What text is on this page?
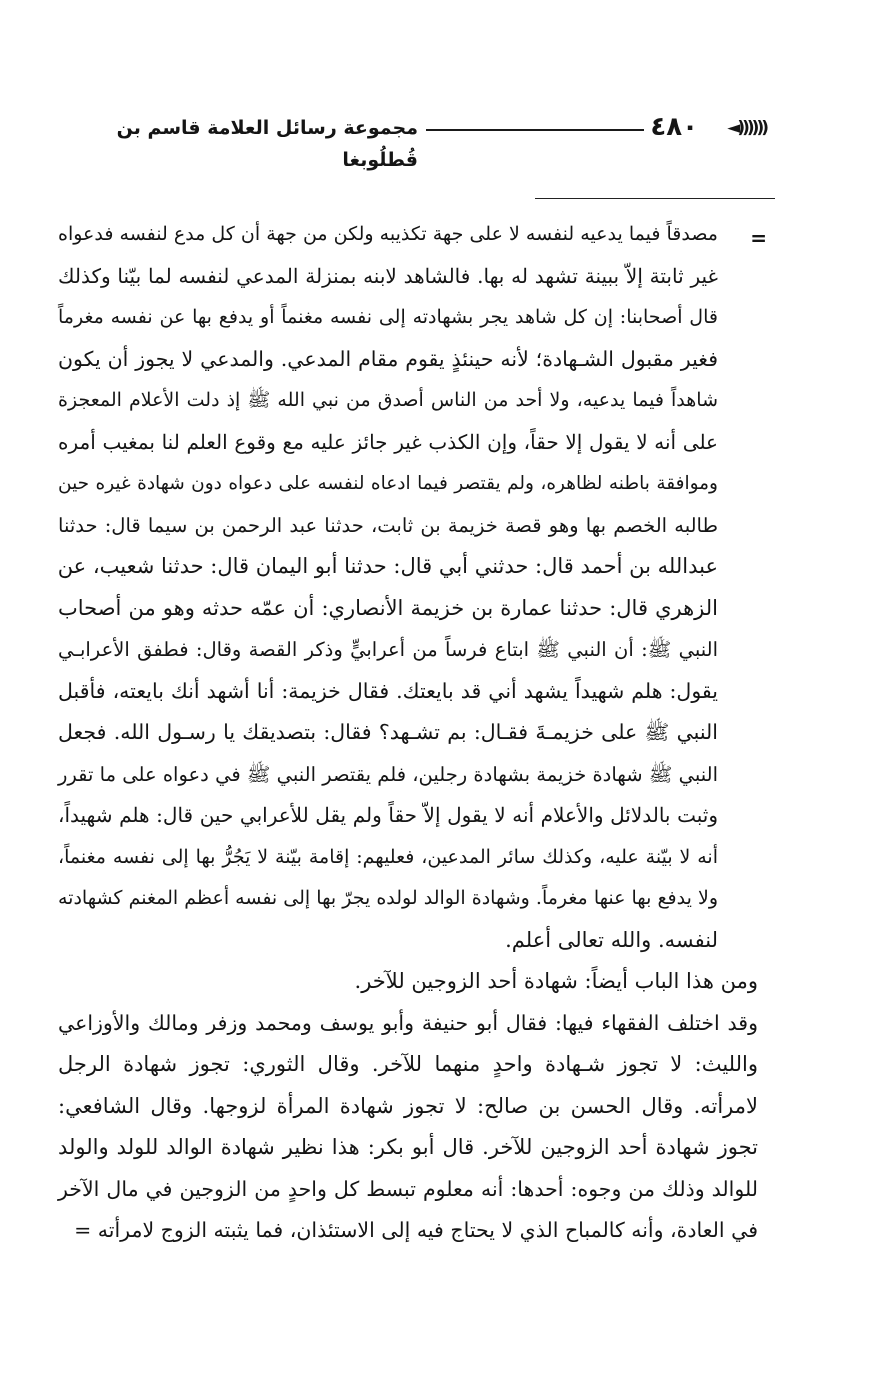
◄))))))
٤٨٠
مجموعة رسائل العلامة قاسم بن قُطلُوبغا
=

مصدقاً فيما يدعيه لنفسه لا على جهة تكذيبه ولكن من جهة أن كل مدع لنفسه فدعواه
غير ثابتة إلاّ ببينة تشهد له بها. فالشاهد لابنه بمنزلة المدعي لنفسه لما بيّنا وكذلك
قال أصحابنا: إن كل شاهد يجر بشهادته إلى نفسه مغنماً أو يدفع بها عن نفسه مغرماً
فغير مقبول الشـهادة؛ لأنه حينئذٍ يقوم مقام المدعي. والمدعي لا يجوز أن يكون
شاهداً فيما يدعيه، ولا أحد من الناس أصدق من نبي الله ﷺ إذ دلت الأعلام المعجزة
على أنه لا يقول إلا حقاً، وإن الكذب غير جائز عليه مع وقوع العلم لنا بمغيب أمره
وموافقة باطنه لظاهره، ولم يقتصر فيما ادعاه لنفسه على دعواه دون شهادة غيره حين
طالبه الخصم بها وهو قصة خزيمة بن ثابت، حدثنا عبد الرحمن بن سيما قال: حدثنا
عبدالله بن أحمد قال: حدثني أبي قال: حدثنا أبو اليمان قال: حدثنا شعيب، عن
الزهري قال: حدثنا عمارة بن خزيمة الأنصاري: أن عمّه حدثه وهو من أصحاب
النبي ﷺ: أن النبي ﷺ ابتاع فرساً من أعرابيٍّ وذكر القصة وقال: فطفق الأعرابـي
يقول: هلم شهيداً يشهد أني قد بايعتك. فقال خزيمة: أنا أشهد أنك بايعته، فأقبل
النبي ﷺ على خزيمـةَ فقـال: بم تشـهد؟ فقال: بتصديقك يا رسـول الله. فجعل
النبي ﷺ شهادة خزيمة بشهادة رجلين، فلم يقتصر النبي ﷺ في دعواه على ما تقرر
وثبت بالدلائل والأعلام أنه لا يقول إلاّ حقاً ولم يقل للأعرابي حين قال: هلم شهيداً،
أنه لا بيّنة عليه، وكذلك سائر المدعين، فعليهم: إقامة بيّنة لا يَجُرُّ بها إلى نفسه مغنماً،
ولا يدفع بها عنها مغرماً. وشهادة الوالد لولده يجرّ بها إلى نفسه أعظم المغنم كشهادته
لنفسه. والله تعالى أعلم.

ومن هذا الباب أيضاً: شهادة أحد الزوجين للآخر.

وقد اختلف الفقهاء فيها: فقال أبو حنيفة وأبو يوسف ومحمد وزفر ومالك والأوزاعي
والليث: لا تجوز شـهادة واحدٍ منهما للآخر. وقال الثوري: تجوز شهادة الرجل
لامرأته. وقال الحسن بن صالح: لا تجوز شهادة المرأة لزوجها. وقال الشافعي:
تجوز شهادة أحد الزوجين للآخر. قال أبو بكر: هذا نظير شهادة الوالد للولد والولد
للوالد وذلك من وجوه: أحدها: أنه معلوم تبسط كل واحدٍ من الزوجين في مال الآخر
في العادة، وأنه كالمباح الذي لا يحتاج فيه إلى الاستئذان، فما يثبته الزوج لامرأته =
